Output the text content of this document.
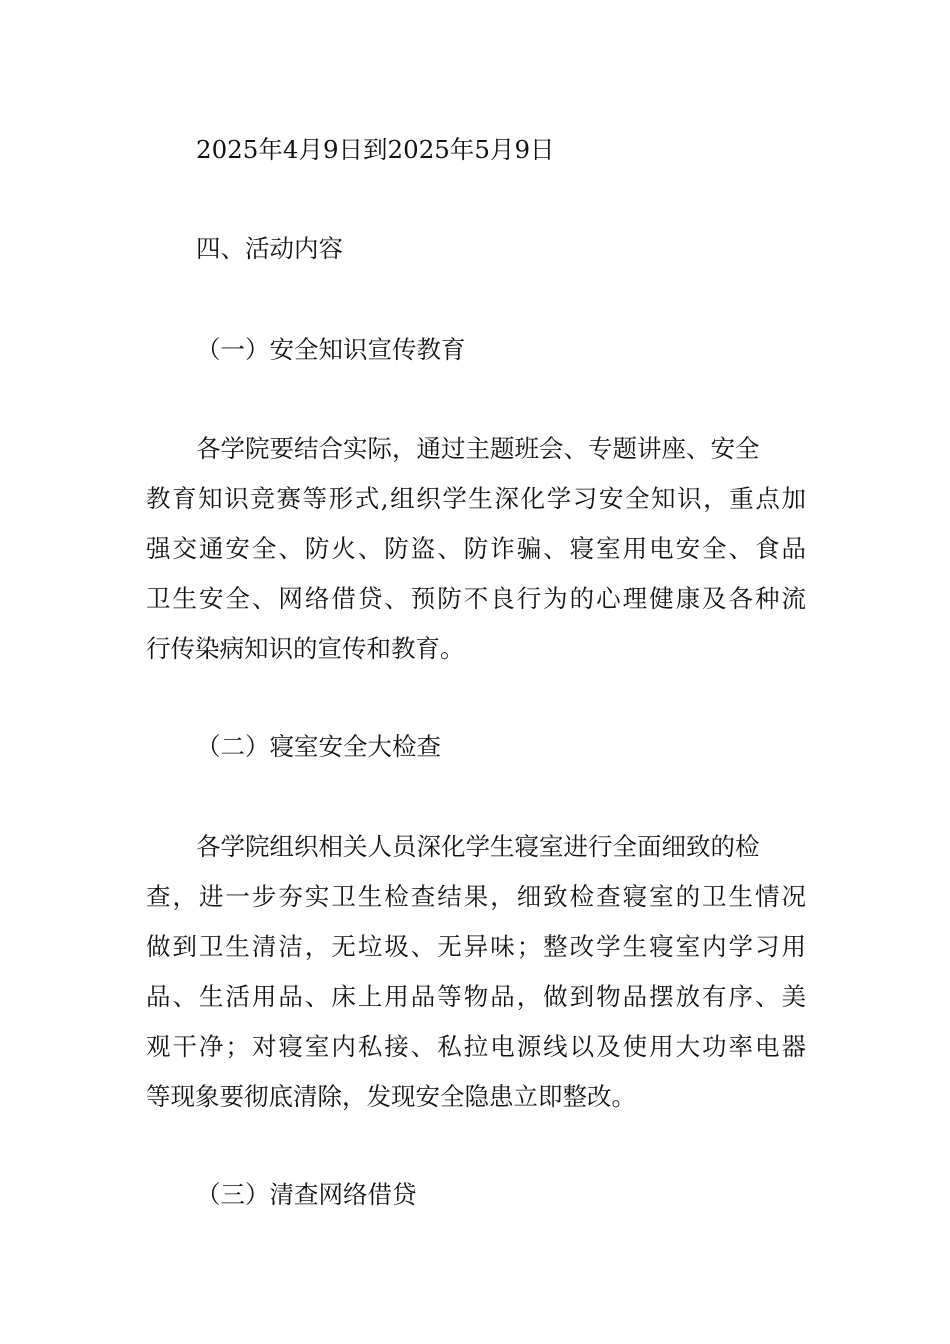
2025年4月9日到2025年5月9日
四、活动内容
（一）安全知识宣传教育
各学院要结合实际，通过主题班会、专题讲座、安全
教育知识竞赛等形式,组织学生深化学习安全知识，重点加
强交通安全、防火、防盗、防诈骗、寝室用电安全、食品
卫生安全、网络借贷、预防不良行为的心理健康及各种流
行传染病知识的宣传和教育。
（二）寝室安全大检查
各学院组织相关人员深化学生寝室进行全面细致的检
查，进一步夯实卫生检查结果，细致检查寝室的卫生情况
做到卫生清洁，无垃圾、无异味；整改学生寝室内学习用
品、生活用品、床上用品等物品，做到物品摆放有序、美
观干净；对寝室内私接、私拉电源线以及使用大功率电器
等现象要彻底清除，发现安全隐患立即整改。
（三）清查网络借贷
